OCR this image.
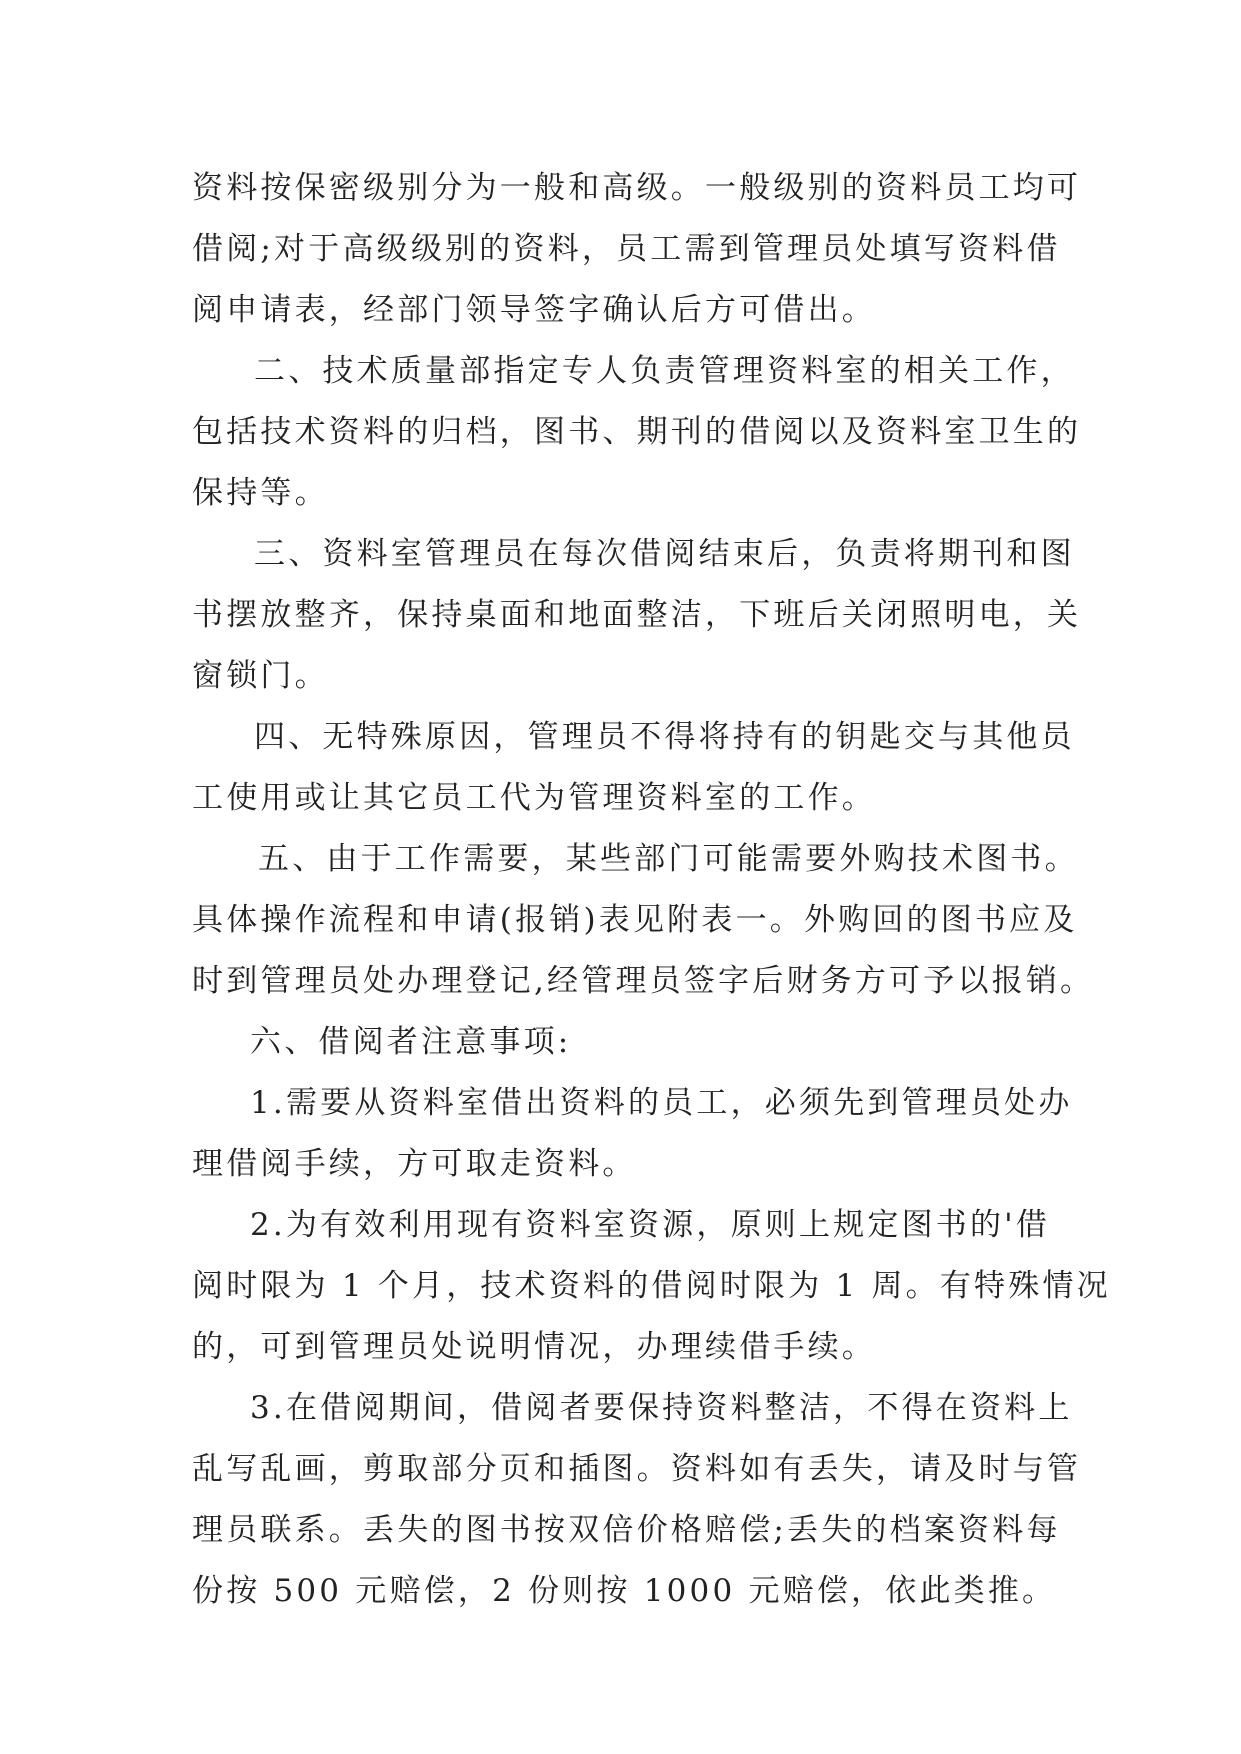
资料按保密级别分为一般和高级。一般级别的资料员工均可
借阅;对于高级级别的资料，员工需到管理员处填写资料借
阅申请表，经部门领导签字确认后方可借出。
二、技术质量部指定专人负责管理资料室的相关工作，
包括技术资料的归档，图书、期刊的借阅以及资料室卫生的
保持等。
三、资料室管理员在每次借阅结束后，负责将期刊和图
书摆放整齐，保持桌面和地面整洁，下班后关闭照明电，关
窗锁门。
四、无特殊原因，管理员不得将持有的钥匙交与其他员
工使用或让其它员工代为管理资料室的工作。
五、由于工作需要，某些部门可能需要外购技术图书。
具体操作流程和申请(报销)表见附表一。外购回的图书应及
时到管理员处办理登记,经管理员签字后财务方可予以报销。
六、借阅者注意事项:
1.需要从资料室借出资料的员工，必须先到管理员处办
理借阅手续，方可取走资料。
2.为有效利用现有资料室资源，原则上规定图书的'借
阅时限为 1 个月，技术资料的借阅时限为 1 周。有特殊情况
的，可到管理员处说明情况，办理续借手续。
3.在借阅期间，借阅者要保持资料整洁，不得在资料上
乱写乱画，剪取部分页和插图。资料如有丢失，请及时与管
理员联系。丢失的图书按双倍价格赔偿;丢失的档案资料每
份按 500 元赔偿，2 份则按 1000 元赔偿，依此类推。
